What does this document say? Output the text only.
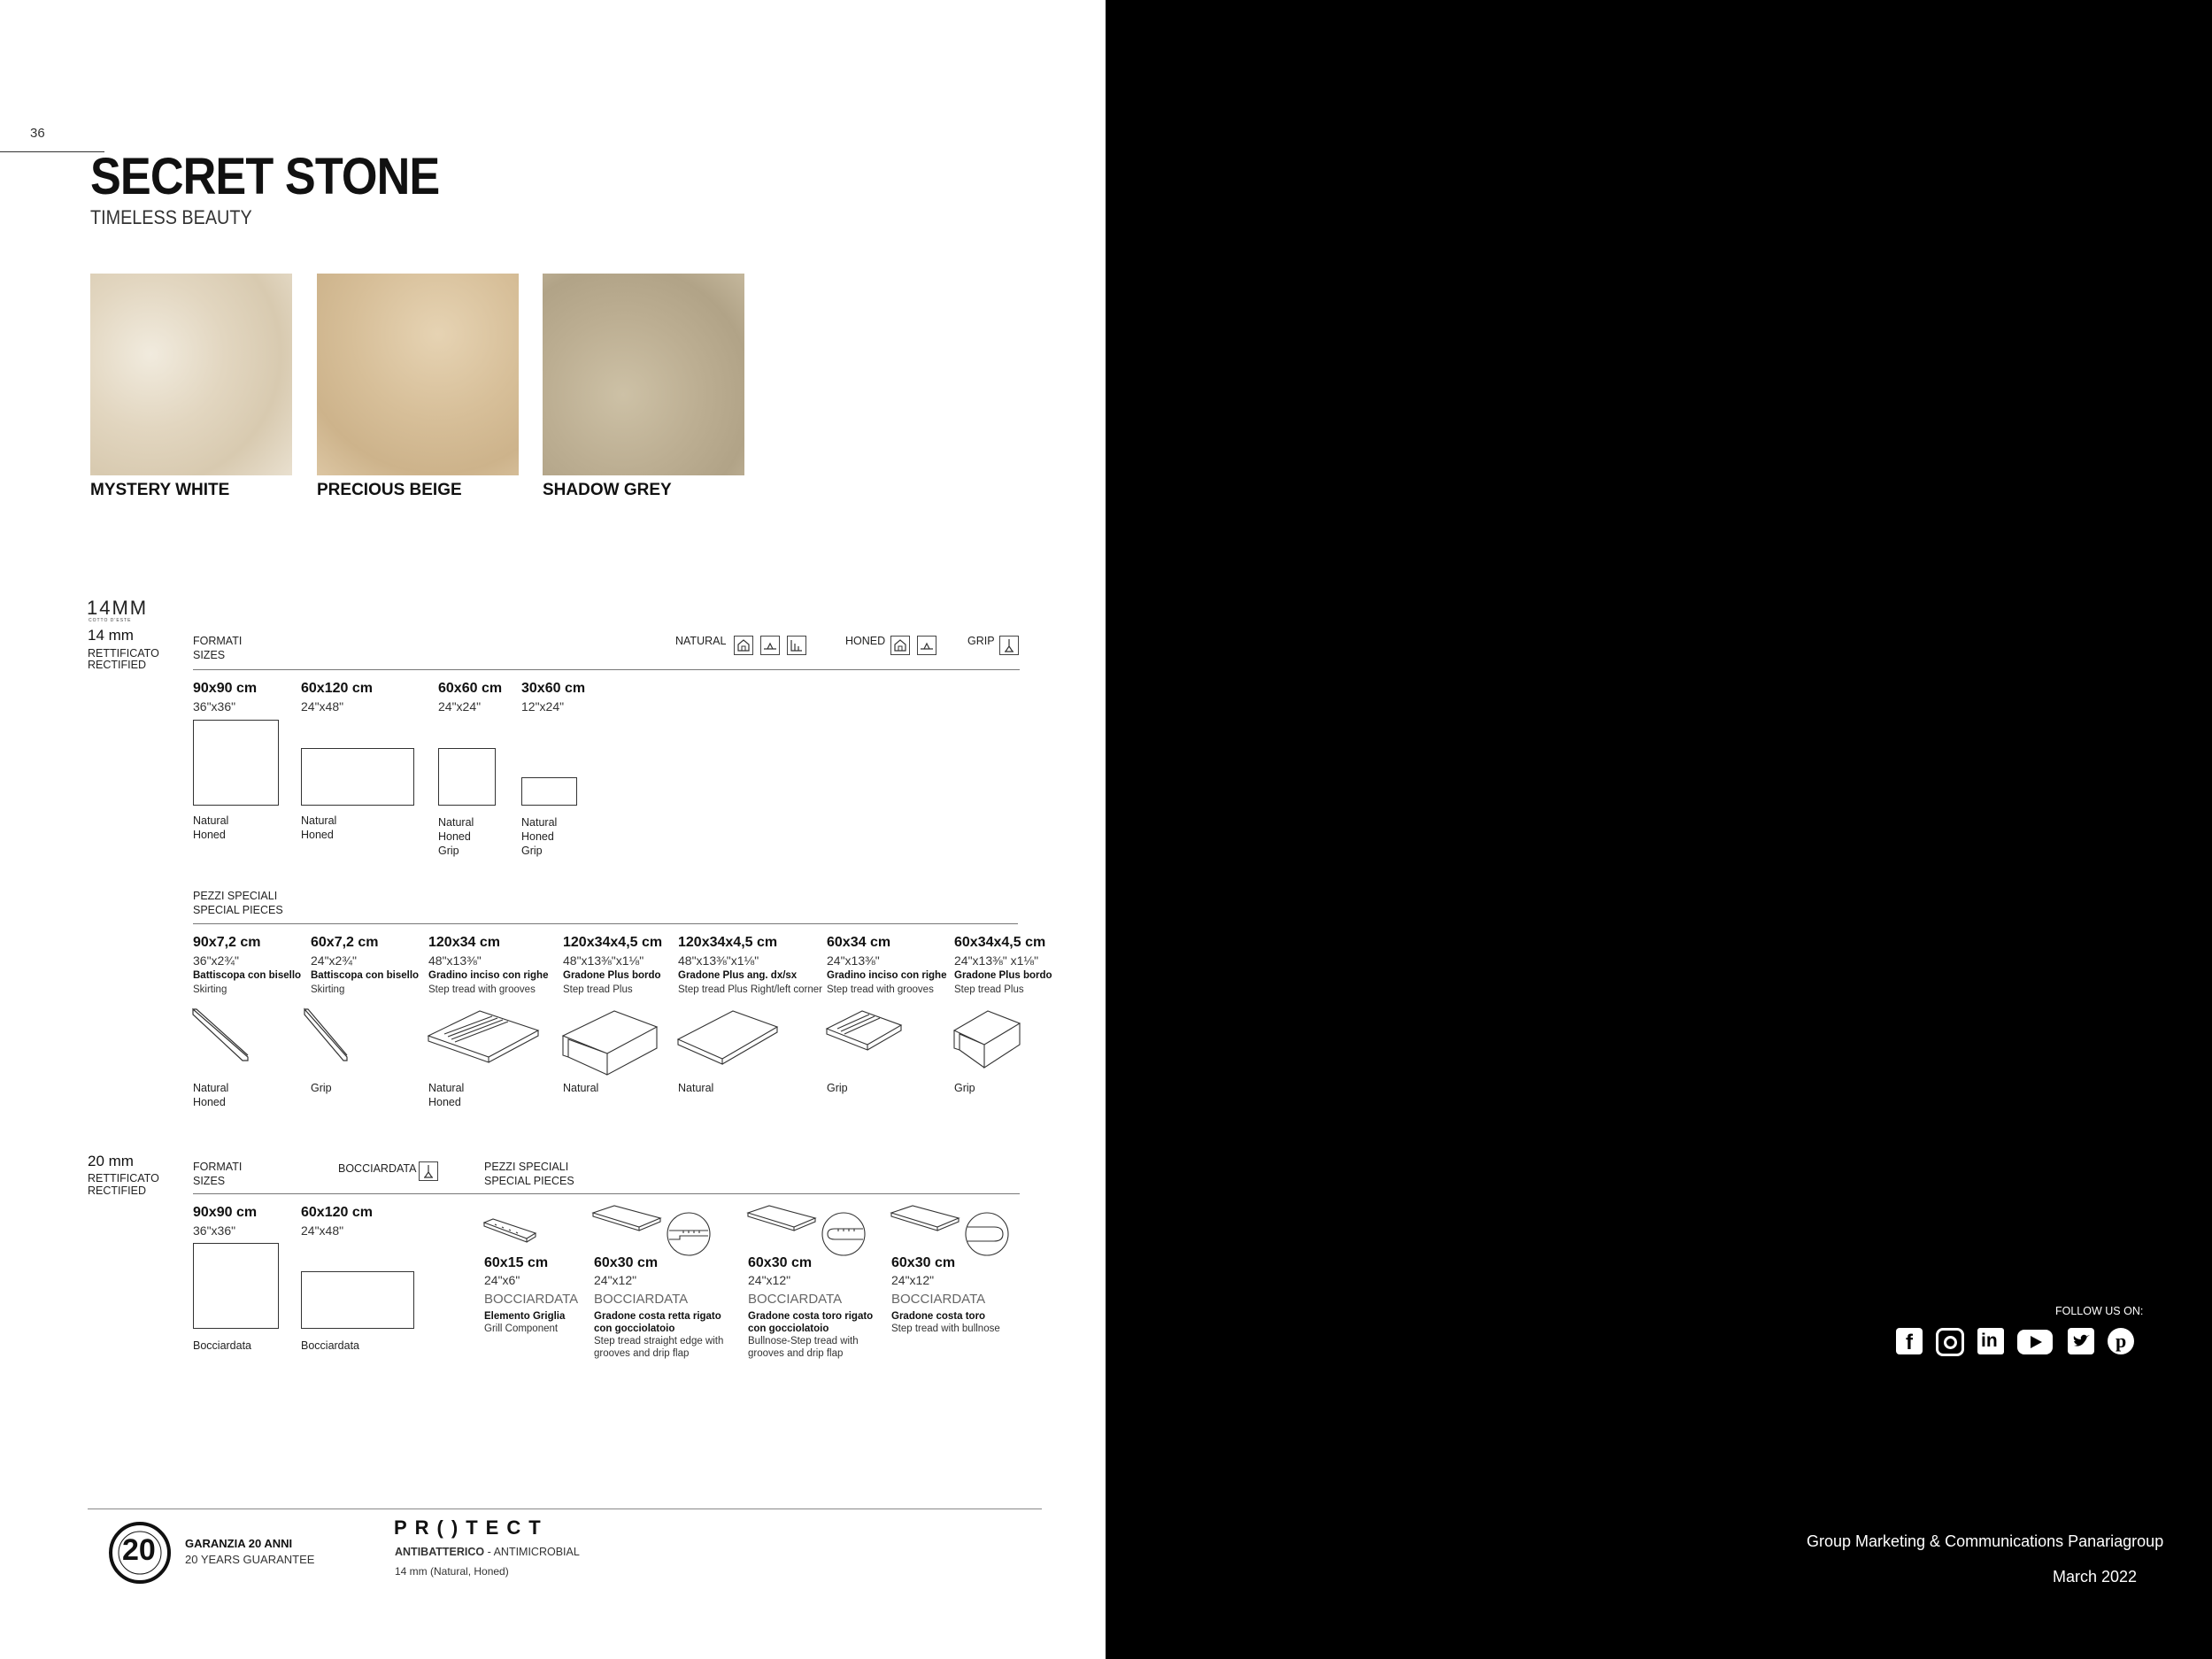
36
SECRET STONE
TIMELESS BEAUTY
MYSTERY WHITE	PRECIOUS BEIGE	SHADOW GREY
14MM
COTTO D'ESTE
14 mm
RETTIFICATO
RECTIFIED
FORMATI
SIZES
NATURAL	HONED	GRIP
90x90 cm
36"x36"
Natural
Honed
60x120 cm
24"x48"
Natural
Honed
60x60 cm
24"x24"
Natural
Honed
Grip
30x60 cm
12"x24"
Natural
Honed
Grip
PEZZI SPECIALI
SPECIAL PIECES
90x7,2 cm
36"x2¾"
Battiscopa con bisello
Skirting
Natural
Honed
60x7,2 cm
24"x2¾"
Battiscopa con bisello
Skirting
Grip
120x34 cm
48"x13⅜"
Gradino inciso con righe
Step tread with grooves
Natural
Honed
120x34x4,5 cm
48"x13⅜"x1⅛"
Gradone Plus bordo
Step tread Plus
Natural
120x34x4,5 cm
48"x13⅜"x1⅛"
Gradone Plus ang. dx/sx
Step tread Plus Right/left corner
Natural
60x34 cm
24"x13⅜"
Gradino inciso con righe
Step tread with grooves
Grip
60x34x4,5 cm
24"x13⅜" x1⅛"
Gradone Plus bordo
Step tread Plus
Grip
20 mm
RETTIFICATO
RECTIFIED
FORMATI
SIZES
BOCCIARDATA	PEZZI SPECIALI
SPECIAL PIECES
90x90 cm
36"x36"
Bocciardata
60x120 cm
24"x48"
Bocciardata
60x15 cm
24"x6"
BOCCIARDATA
Elemento Griglia
Grill Component
60x30 cm
24"x12"
BOCCIARDATA
Gradone costa retta rigato
con gocciolatoio
Step tread straight edge with
grooves and drip flap
60x30 cm
24"x12"
BOCCIARDATA
Gradone costa toro rigato
con gocciolatoio
Bullnose-Step tread with
grooves and drip flap
60x30 cm
24"x12"
BOCCIARDATA
Gradone costa toro
Step tread with bullnose
20	GARANZIA 20 ANNI
20 YEARS GUARANTEE
PR()TECT
ANTIBATTERICO - ANTIMICROBIAL
14 mm (Natural, Honed)
FOLLOW US ON:
f	in	p
Group Marketing & Communications Panariagroup
March 2022
